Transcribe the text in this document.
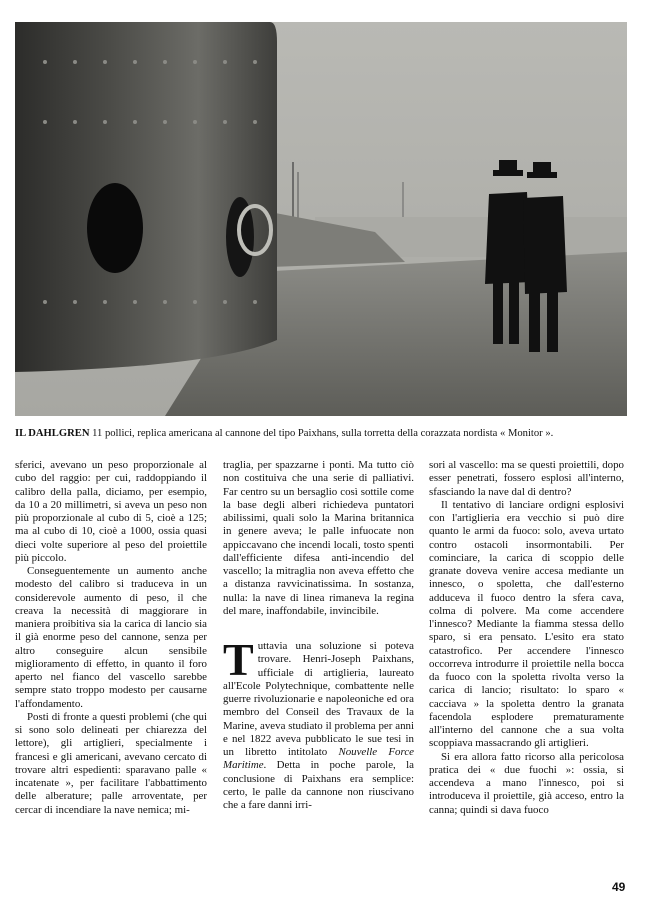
IL DAHLGREN 11 pollici, replica americana al cannone del tipo Paixhans, sulla torretta della corazzata nordista « Monitor ».

sferici, avevano un peso proporzionale al cubo del raggio: per cui, raddoppiando il calibro della palla, diciamo, per esempio, da 10 a 20 millimetri, si aveva un peso non più proporzionale al cubo di 5, cioè a 125; ma al cubo di 10, cioè a 1000, ossia quasi dieci volte superiore al peso del proiettile più piccolo.

Conseguentemente un aumento anche modesto del calibro si traduceva in un considerevole aumento di peso, il che creava la necessità di maggiorare in maniera proibitiva sia la carica di lancio sia il già enorme peso del cannone, senza per altro conseguire alcun sensibile miglioramento di effetto, in quanto il foro aperto nel fianco del vascello sarebbe sempre stato troppo modesto per causarne l'affondamento.

Posti di fronte a questi problemi (che qui si sono solo delineati per chiarezza del lettore), gli artiglieri, specialmente i francesi e gli americani, avevano cercato di trovare altri espedienti: sparavano palle « incatenate », per facilitare l'abbattimento delle alberature; palle arroventate, per cercar di incendiare la nave nemica; mi-

traglia, per spazzarne i ponti. Ma tutto ciò non costituiva che una serie di palliativi. Far centro su un bersaglio così sottile come la base degli alberi richiedeva puntatori abilissimi, quali solo la Marina britannica in genere aveva; le palle infuocate non appiccavano che incendi locali, tosto spenti dall'efficiente difesa anti-incendio del vascello; la mitraglia non aveva effetto che a distanza ravvicinatissima. In sostanza, nulla: la nave di linea rimaneva la regina del mare, inaffondabile, invincibile.

T uttavia una soluzione si poteva trovare. Henri-Joseph Paixhans, ufficiale di artiglieria, laureato all'Ecole Polytechnique, combattente nelle guerre rivoluzionarie e napoleoniche ed ora membro del Conseil des Travaux de la Marine, aveva studiato il problema per anni e nel 1822 aveva pubblicato le sue tesi in un libretto intitolato Nouvelle Force Maritime. Detta in poche parole, la conclusione di Paixhans era semplice: certo, le palle da cannone non riuscivano che a fare danni irri-

sori al vascello: ma se questi proiettili, dopo esser penetrati, fossero esplosi all'interno, sfasciando la nave dal di dentro?

Il tentativo di lanciare ordigni esplosivi con l'artiglieria era vecchio si può dire quanto le armi da fuoco: solo, aveva urtato contro ostacoli insormontabili. Per cominciare, la carica di scoppio delle granate doveva venire accesa mediante un innesco, o spoletta, che dall'esterno adduceva il fuoco dentro la sfera cava, colma di polvere. Ma come accendere l'innesco? Mediante la fiamma stessa dello sparo, si era pensato. L'esito era stato catastrofico. Per accendere l'innesco occorreva introdurre il proiettile nella bocca da fuoco con la spoletta rivolta verso la carica di lancio; risultato: lo sparo « cacciava » la spoletta dentro la granata facendola esplodere prematuramente all'interno del cannone che a sua volta scoppiava massacrando gli artiglieri.

Si era allora fatto ricorso alla pericolosa pratica dei « due fuochi »: ossia, si accendeva a mano l'innesco, poi si introduceva il proiettile, già acceso, entro la canna; quindi si dava fuoco

49
